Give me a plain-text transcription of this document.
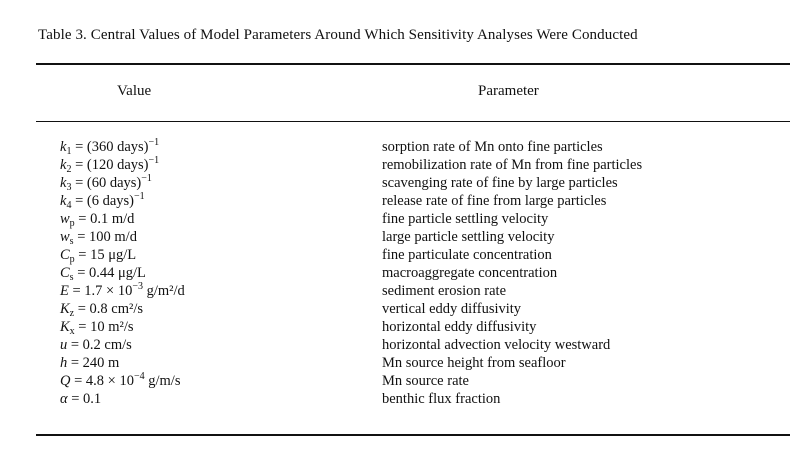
Table 3. Central Values of Model Parameters Around Which Sensitivity Analyses Were Conducted
Value	Parameter
$k_1 = (360$ days)$^{-1}$	sorption rate of Mn onto fine particles
$k_2 = (120$ days)$^{-1}$	remobilization rate of Mn from fine particles
$k_3 = (60$ days)$^{-1}$	scavenging rate of fine by large particles
$k_4 = (6$ days)$^{-1}$	release rate of fine from large particles
$w_p = 0.1$ m/d	fine particle settling velocity
$w_s = 100$ m/d	large particle settling velocity
$C_p = 15$ μg/L	fine particulate concentration
$C_s = 0.44$ μg/L	macroaggregate concentration
$E = 1.7 \times 10^{-3}$ g/m²/d	sediment erosion rate
$K_z = 0.8$ cm²/s	vertical eddy diffusivity
$K_x = 10$ m²/s	horizontal eddy diffusivity
u = 0.2 cm/s	horizontal advection velocity westward
h = 240 m	Mn source height from seafloor
$Q = 4.8 \times 10^{-4}$ g/m/s	Mn source rate
α = 0.1	benthic flux fraction
